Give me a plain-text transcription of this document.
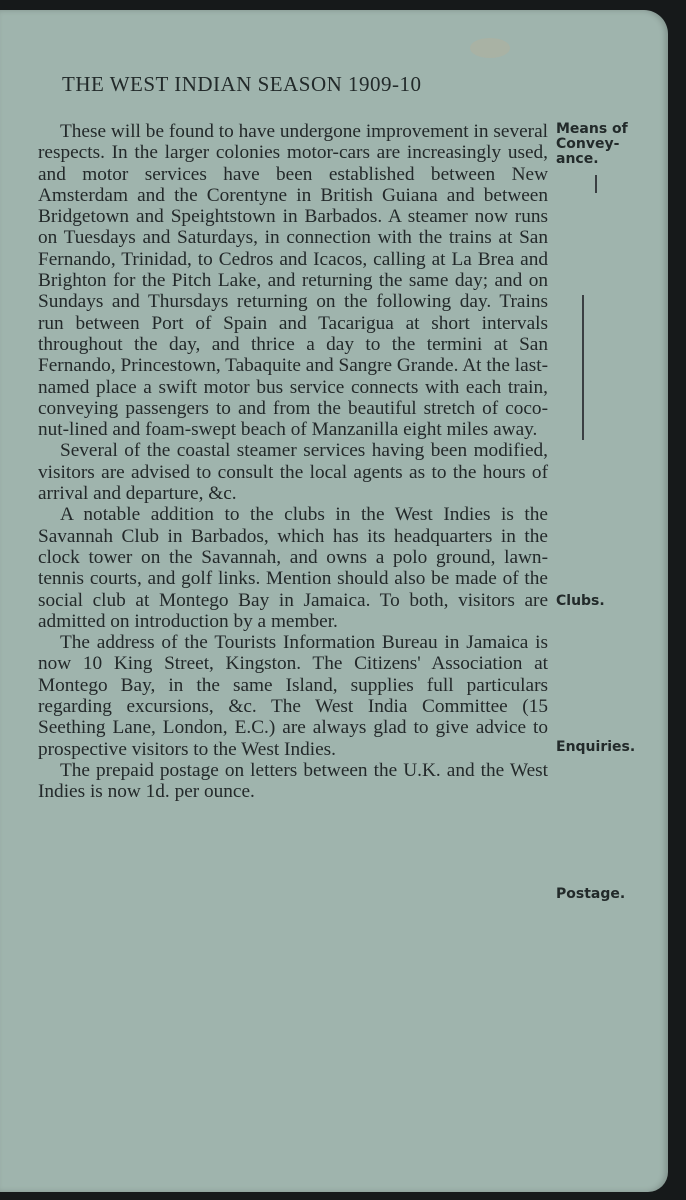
THE WEST INDIAN SEASON 1909-10

These will be found to have undergone improvement in several respects. In the larger colonies motor-cars are increasingly used, and motor services have been established between New Amsterdam and the Corentyne in British Guiana and between Bridgetown and Speightstown in Barbados. A steamer now runs on Tuesdays and Saturdays, in connection with the trains at San Fernando, Trinidad, to Cedros and Icacos, calling at La Brea and Brighton for the Pitch Lake, and returning the same day; and on Sundays and Thursdays returning on the following day. Trains run between Port of Spain and Tacarigua at short intervals throughout the day, and thrice a day to the termini at San Fernando, Princestown, Tabaquite and Sangre Grande. At the last-named place a swift motor bus service connects with each train, conveying passengers to and from the beautiful stretch of coco-nut-lined and foam-swept beach of Manzanilla eight miles away.

Several of the coastal steamer services having been modified, visitors are advised to consult the local agents as to the hours of arrival and departure, &c.

A notable addition to the clubs in the West Indies is the Savannah Club in Barbados, which has its headquarters in the clock tower on the Savannah, and owns a polo ground, lawn-tennis courts, and golf links. Mention should also be made of the social club at Montego Bay in Jamaica. To both, visitors are admitted on introduction by a member.

The address of the Tourists Information Bureau in Jamaica is now 10 King Street, Kingston. The Citizens' Association at Montego Bay, in the same Island, supplies full particulars regarding excursions, &c. The West India Committee (15 Seething Lane, London, E.C.) are always glad to give advice to prospective visitors to the West Indies.

The prepaid postage on letters between the U.K. and the West Indies is now 1d. per ounce.

Means of Convey-ance.
Clubs.
Enquiries.
Postage.
